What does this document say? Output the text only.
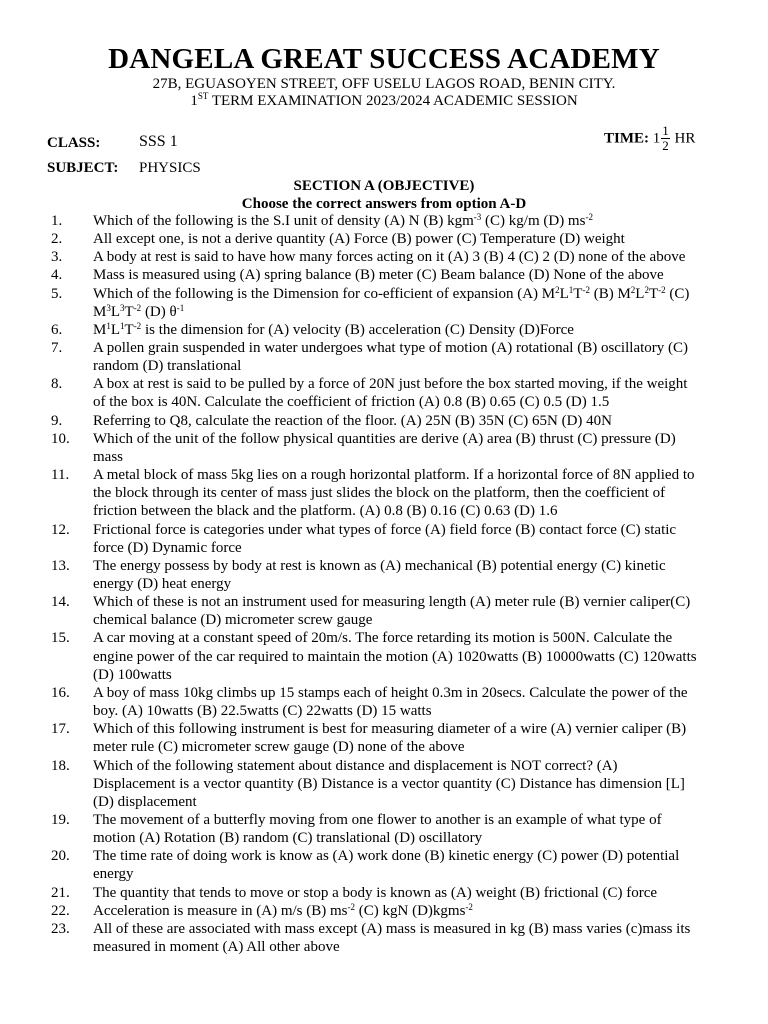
DANGELA GREAT SUCCESS ACADEMY
27B, EGUASOYEN STREET, OFF USELU LAGOS ROAD, BENIN CITY.
1ST TERM EXAMINATION 2023/2024 ACADEMIC SESSION
CLASS: SSS 1
SUBJECT: PHYSICS
TIME: $1 \frac{1}{2}$ HR
SECTION A (OBJECTIVE)
Choose the correct answers from option A-D
1. Which of the following is the S.I unit of density (A) N (B) kgm$^{-3}$ (C) kg/m (D) $ms^{-2}$
2. All except one, is not a derive quantity (A) Force (B) power (C) Temperature (D) weight
3. A body at rest is said to have how many forces acting on it (A) 3 (B) 4 (C) 2 (D) none of the above
4. Mass is measured using (A) spring balance (B) meter (C) Beam balance (D) None of the above
5. Which of the following is the Dimension for co-efficient of expansion (A) $M^2L^1T^{-2}$ (B) $M^2L^2T^{-2}$ (C)
$M^3L^3T^{-2}$ (D) $\theta^{-1}$
6. $M^1L^1T^{-2}$ is the dimension for (A) velocity (B) acceleration (C) Density (D)Force
7. A pollen grain suspended in water undergoes what type of motion (A) rotational (B) oscillatory (C)
random (D) translational
8. A box at rest is said to be pulled by a force of 20N just before the box started moving, if the weight
of the box is 40N. Calculate the coefficient of friction (A) 0.8 (B) 0.65 (C) 0.5 (D) 1.5
9. Referring to Q8, calculate the reaction of the floor. (A) 25N (B) 35N (C) 65N (D) 40N
10. Which of the unit of the follow physical quantities are derive (A) area (B) thrust (C) pressure (D)
mass
11. A metal block of mass 5kg lies on a rough horizontal platform. If a horizontal force of 8N applied to
the block through its center of mass just slides the block on the platform, then the coefficient of
friction between the black and the platform. (A) 0.8 (B) 0.16 (C) 0.63 (D) 1.6
12. Frictional force is categories under what types of force (A) field force (B) contact force (C) static
force (D) Dynamic force
13. The energy possess by body at rest is known as (A) mechanical (B) potential energy (C) kinetic
energy (D) heat energy
14. Which of these is not an instrument used for measuring length (A) meter rule (B) vernier caliper(C)
chemical balance (D) micrometer screw gauge
15. A car moving at a constant speed of 20m/s. The force retarding its motion is 500N. Calculate the
engine power of the car required to maintain the motion (A) 1020watts (B) 10000watts (C) 120watts
(D) 100watts
16. A boy of mass 10kg climbs up 15 stamps each of height 0.3m in 20secs. Calculate the power of the
boy. (A) 10watts (B) 22.5watts (C) 22watts (D) 15 watts
17. Which of this following instrument is best for measuring diameter of a wire (A) vernier caliper (B)
meter rule (C) micrometer screw gauge (D) none of the above
18. Which of the following statement about distance and displacement is NOT correct? (A)
Displacement is a vector quantity (B) Distance is a vector quantity (C) Distance has dimension [L]
(D) displacement
19. The movement of a butterfly moving from one flower to another is an example of what type of
motion (A) Rotation (B) random (C) translational (D) oscillatory
20. The time rate of doing work is know as (A) work done (B) kinetic energy (C) power (D) potential
energy
21. The quantity that tends to move or stop a body is known as (A) weight (B) frictional (C) force
22. Acceleration is measure in (A) m/s (B) $ms^{-2}$ (C) kgN (D)kgms$^{-2}$
23. All of these are associated with mass except (A) mass is measured in kg (B) mass varies (c)mass its
measured in moment (A) All other above
